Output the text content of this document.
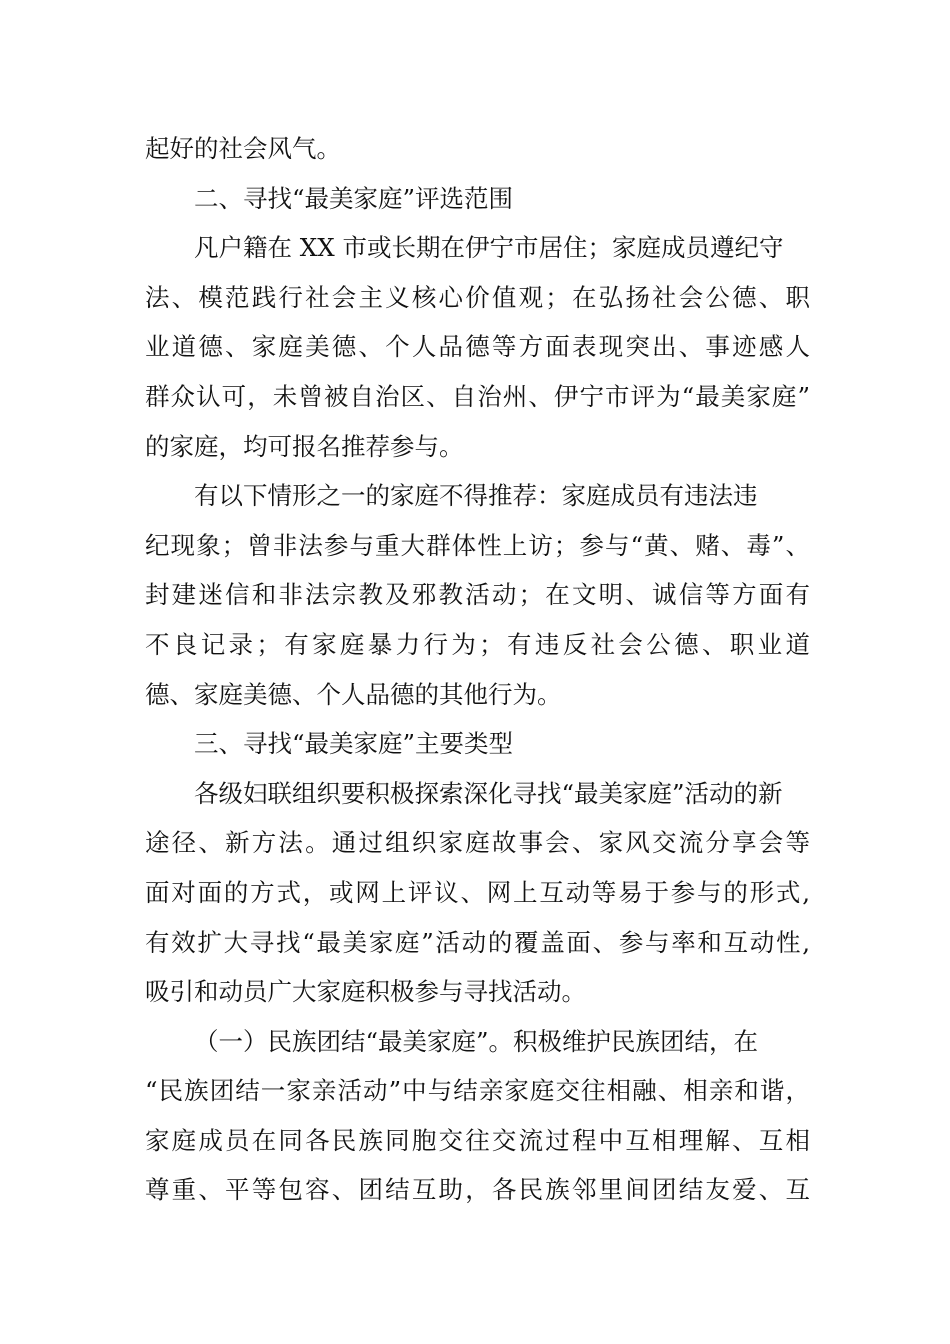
起好的社会风气。
二、寻找“最美家庭”评选范围
凡户籍在 XX 市或长期在伊宁市居住；家庭成员遵纪守
法、模范践行社会主义核心价值观；在弘扬社会公德、职
业道德、家庭美德、个人品德等方面表现突出、事迹感人
群众认可，未曾被自治区、自治州、伊宁市评为“最美家庭”
的家庭，均可报名推荐参与。
有以下情形之一的家庭不得推荐：家庭成员有违法违
纪现象；曾非法参与重大群体性上访；参与“黄、赌、毒”、
封建迷信和非法宗教及邪教活动；在文明、诚信等方面有
不良记录；有家庭暴力行为；有违反社会公德、职业道
德、家庭美德、个人品德的其他行为。
三、寻找“最美家庭”主要类型
各级妇联组织要积极探索深化寻找“最美家庭”活动的新
途径、新方法。通过组织家庭故事会、家风交流分享会等
面对面的方式，或网上评议、网上互动等易于参与的形式,
有效扩大寻找“最美家庭”活动的覆盖面、参与率和互动性,
吸引和动员广大家庭积极参与寻找活动。
（一）民族团结“最美家庭”。积极维护民族团结，在
“民族团结一家亲活动”中与结亲家庭交往相融、相亲和谐，
家庭成员在同各民族同胞交往交流过程中互相理解、互相
尊重、平等包容、团结互助，各民族邻里间团结友爱、互
